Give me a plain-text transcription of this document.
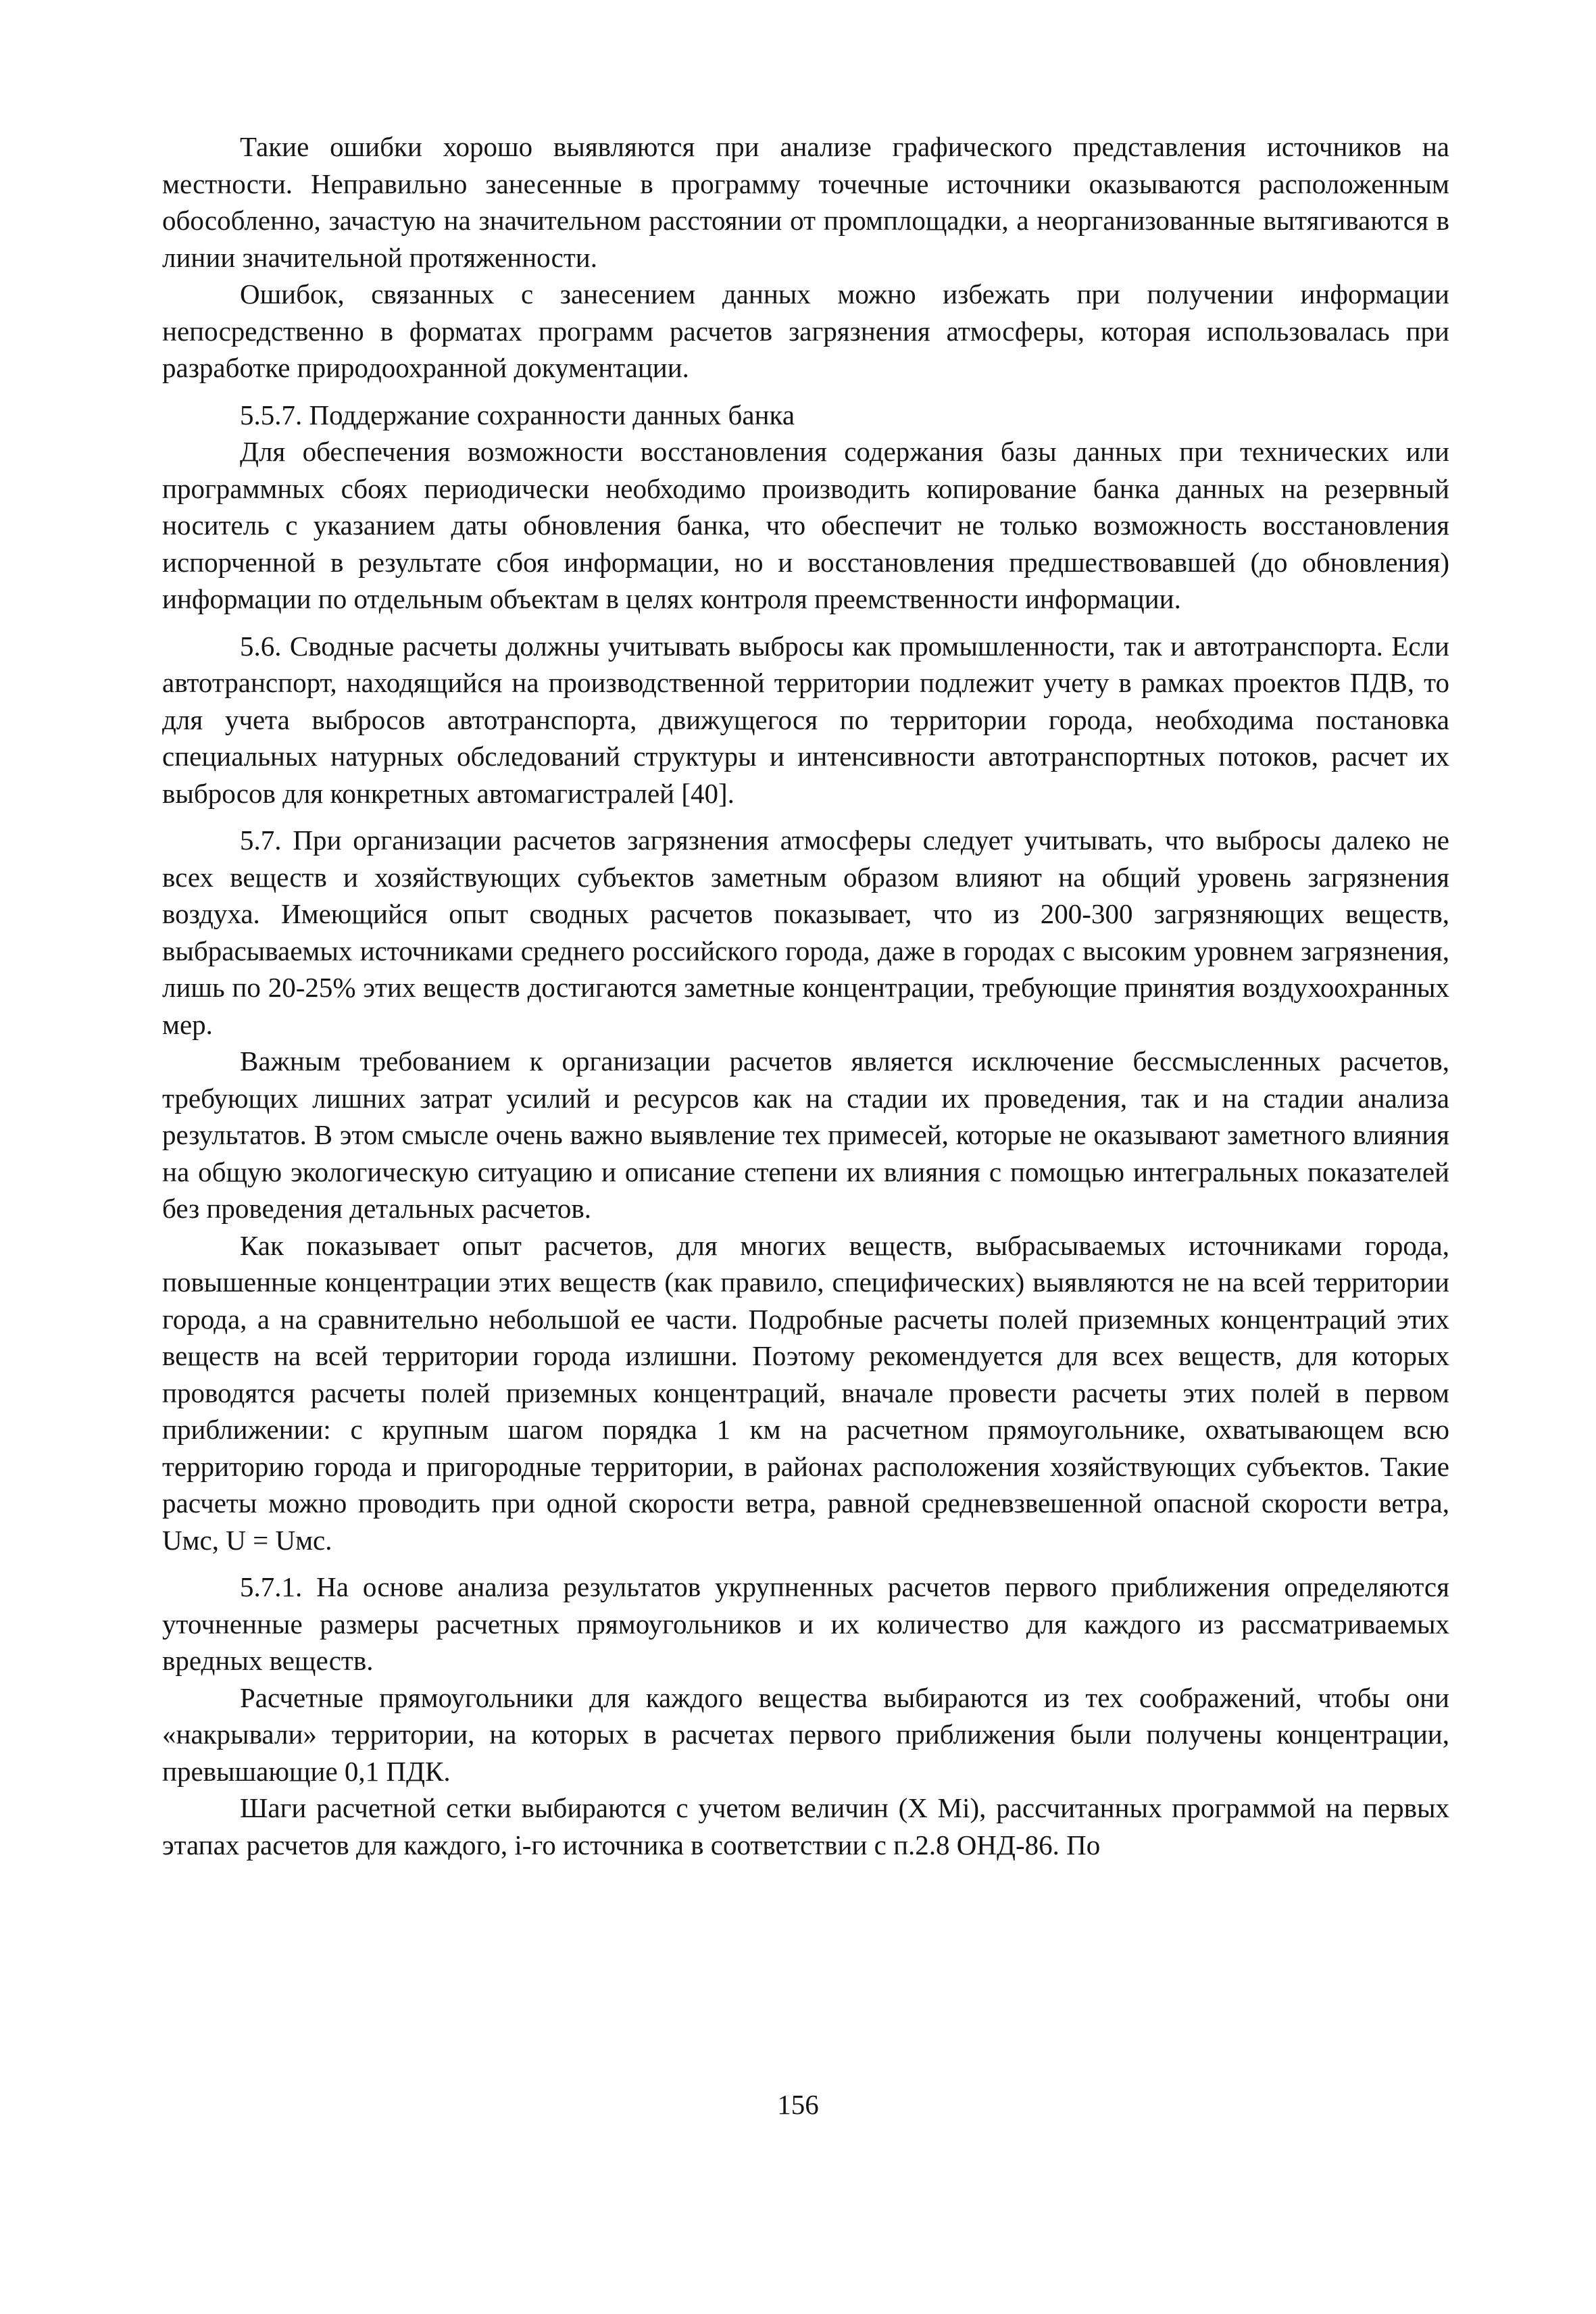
Такие ошибки хорошо выявляются при анализе графического представления источников на местности. Неправильно занесенные в программу точечные источники оказываются расположенным обособленно, зачастую на значительном расстоянии от промплощадки, а неорганизованные вытягиваются в линии значительной протяженности.

Ошибок, связанных с занесением данных можно избежать при получении информации непосредственно в форматах программ расчетов загрязнения атмосферы, которая использовалась при разработке природоохранной документации.

5.5.7. Поддержание сохранности данных банка

Для обеспечения возможности восстановления содержания базы данных при технических или программных сбоях периодически необходимо производить копирование банка данных на резервный носитель с указанием даты обновления банка, что обеспечит не только возможность восстановления испорченной в результате сбоя информации, но и восстановления предшествовавшей (до обновления) информации по отдельным объектам в целях контроля преемственности информации.

5.6. Сводные расчеты должны учитывать выбросы как промышленности, так и автотранспорта. Если автотранспорт, находящийся на производственной территории подлежит учету в рамках проектов ПДВ, то для учета выбросов автотранспорта, движущегося по территории города, необходима постановка специальных натурных обследований структуры и интенсивности автотранспортных потоков, расчет их выбросов для конкретных автомагистралей [40].

5.7. При организации расчетов загрязнения атмосферы следует учитывать, что выбросы далеко не всех веществ и хозяйствующих субъектов заметным образом влияют на общий уровень загрязнения воздуха. Имеющийся опыт сводных расчетов показывает, что из 200-300 загрязняющих веществ, выбрасываемых источниками среднего российского города, даже в городах с высоким уровнем загрязнения, лишь по 20-25% этих веществ достигаются заметные концентрации, требующие принятия воздухоохранных мер.

Важным требованием к организации расчетов является исключение бессмысленных расчетов, требующих лишних затрат усилий и ресурсов как на стадии их проведения, так и на стадии анализа результатов. В этом смысле очень важно выявление тех примесей, которые не оказывают заметного влияния на общую экологическую ситуацию и описание степени их влияния с помощью интегральных показателей без проведения детальных расчетов.

Как показывает опыт расчетов, для многих веществ, выбрасываемых источниками города, повышенные концентрации этих веществ (как правило, специфических) выявляются не на всей территории города, а на сравнительно небольшой ее части. Подробные расчеты полей приземных концентраций этих веществ на всей территории города излишни. Поэтому рекомендуется для всех веществ, для которых проводятся расчеты полей приземных концентраций, вначале провести расчеты этих полей в первом приближении: с крупным шагом порядка 1 км на расчетном прямоугольнике, охватывающем всю территорию города и пригородные территории, в районах расположения хозяйствующих субъектов. Такие расчеты можно проводить при одной скорости ветра, равной средневзвешенной опасной скорости ветра, Uмс, U = Uмс.

5.7.1. На основе анализа результатов укрупненных расчетов первого приближения определяются уточненные размеры расчетных прямоугольников и их количество для каждого из рассматриваемых вредных веществ.

Расчетные прямоугольники для каждого вещества выбираются из тех соображений, чтобы они «накрывали» территории, на которых в расчетах первого приближения были получены концентрации, превышающие 0,1 ПДК.

Шаги расчетной сетки выбираются с учетом величин (X Mi), рассчитанных программой на первых этапах расчетов для каждого, i-го источника в соответствии с п.2.8 ОНД-86. По

156
